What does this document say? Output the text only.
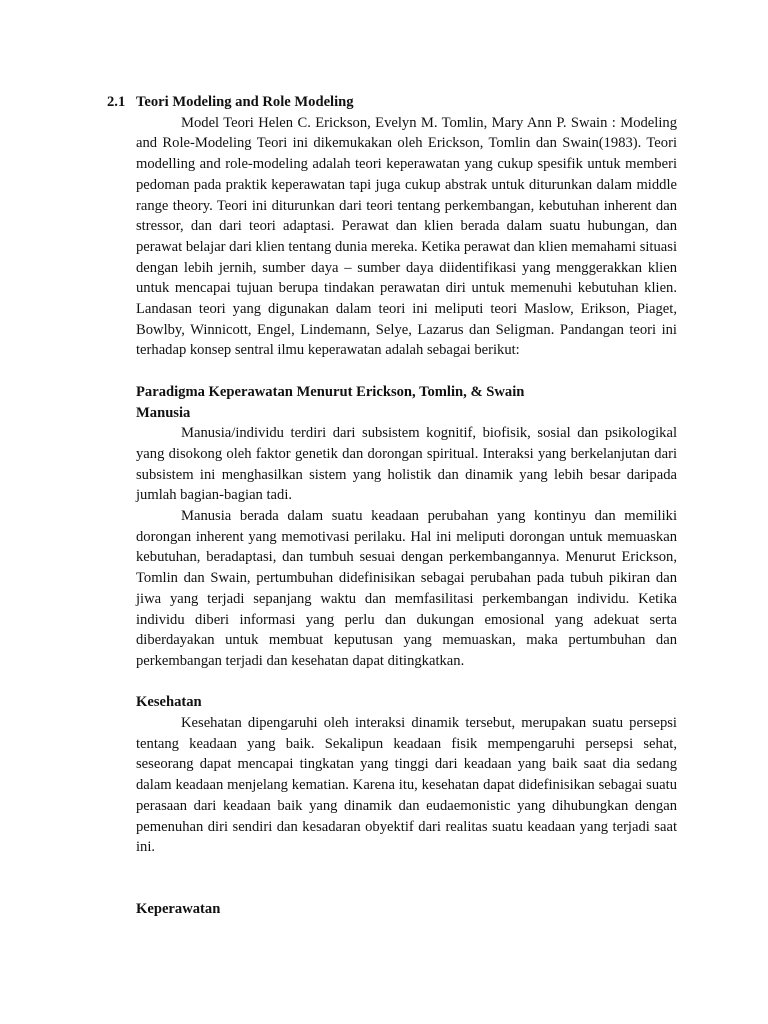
2.1 Teori Modeling and Role Modeling

Model Teori Helen C. Erickson, Evelyn M. Tomlin, Mary Ann P. Swain : Modeling and Role-Modeling Teori ini dikemukakan oleh Erickson, Tomlin dan Swain(1983). Teori modelling and role-modeling adalah teori keperawatan yang cukup spesifik untuk memberi pedoman pada praktik keperawatan tapi juga cukup abstrak untuk diturunkan dalam middle range theory. Teori ini diturunkan dari teori tentang perkembangan, kebutuhan inherent dan stressor, dan dari teori adaptasi. Perawat dan klien berada dalam suatu hubungan, dan perawat belajar dari klien tentang dunia mereka. Ketika perawat dan klien memahami situasi dengan lebih jernih, sumber daya – sumber daya diidentifikasi yang menggerakkan klien untuk mencapai tujuan berupa tindakan perawatan diri untuk memenuhi kebutuhan klien. Landasan teori yang digunakan dalam teori ini meliputi teori Maslow, Erikson, Piaget, Bowlby, Winnicott, Engel, Lindemann, Selye, Lazarus dan Seligman. Pandangan teori ini terhadap konsep sentral ilmu keperawatan adalah sebagai berikut:

Paradigma Keperawatan Menurut Erickson, Tomlin, & Swain
Manusia

Manusia/individu terdiri dari subsistem kognitif, biofisik, sosial dan psikologikal yang disokong oleh faktor genetik dan dorongan spiritual. Interaksi yang berkelanjutan dari subsistem ini menghasilkan sistem yang holistik dan dinamik yang lebih besar daripada jumlah bagian-bagian tadi.

Manusia berada dalam suatu keadaan perubahan yang kontinyu dan memiliki dorongan inherent yang memotivasi perilaku. Hal ini meliputi dorongan untuk memuaskan kebutuhan, beradaptasi, dan tumbuh sesuai dengan perkembangannya. Menurut Erickson, Tomlin dan Swain, pertumbuhan didefinisikan sebagai perubahan pada tubuh pikiran dan jiwa yang terjadi sepanjang waktu dan memfasilitasi perkembangan individu. Ketika individu diberi informasi yang perlu dan dukungan emosional yang adekuat serta diberdayakan untuk membuat keputusan yang memuaskan, maka pertumbuhan dan perkembangan terjadi dan kesehatan dapat ditingkatkan.

Kesehatan

Kesehatan dipengaruhi oleh interaksi dinamik tersebut, merupakan suatu persepsi tentang keadaan yang baik. Sekalipun keadaan fisik mempengaruhi persepsi sehat, seseorang dapat mencapai tingkatan yang tinggi dari keadaan yang baik saat dia sedang dalam keadaan menjelang kematian. Karena itu, kesehatan dapat didefinisikan sebagai suatu perasaan dari keadaan baik yang dinamik dan eudaemonistic yang dihubungkan dengan pemenuhan diri sendiri dan kesadaran obyektif dari realitas suatu keadaan yang terjadi saat ini.

Keperawatan
